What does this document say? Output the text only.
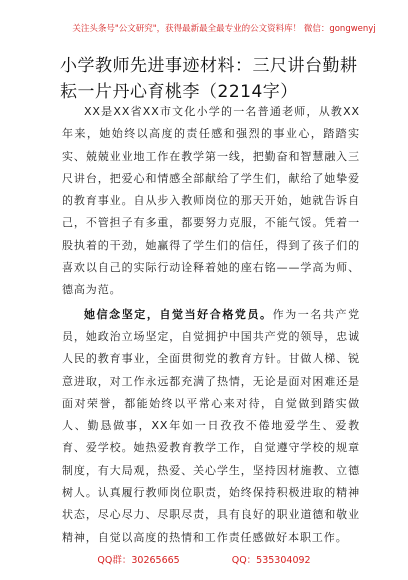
关注头条号"公文研究"，获得最新最全最专业的公文资料库！ 微信：gongwenyj
小学教师先进事迹材料：三尺讲台勤耕耘一片丹心育桃李（2214字）

XX是XX省XX市文化小学的一名普通老师，从教XX年来，她始终以高度的责任感和强烈的事业心，踏踏实实、兢兢业业地工作在教学第一线，把勤奋和智慧融入三尺讲台，把爱心和情感全部献给了学生们，献给了她挚爱的教育事业。自从步入教师岗位的那天开始，她就告诉自己，不管担子有多重，都要努力克服，不能气馁。凭着一股执着的干劲，她赢得了学生们的信任，得到了孩子们的喜欢以自己的实际行动诠释着她的座右铭——学高为师、德高为范。

她信念坚定，自觉当好合格党员。作为一名共产党员，她政治立场坚定，自觉拥护中国共产党的领导，忠诚人民的教育事业，全面贯彻党的教育方针。甘做人梯、锐意进取，对工作永远都充满了热情，无论是面对困难还是面对荣誉，都能始终以平常心来对待，自觉做到踏实做人、勤恳做事，XX年如一日孜孜不倦地爱学生、爱教育、爱学校。她热爱教育教学工作，自觉遵守学校的规章制度，有大局观，热爱、关心学生，坚持因材施教、立德树人。认真履行教师岗位职责，始终保持积极进取的精神状态，尽心尽力、尽职尽责，具有良好的职业道德和敬业精神，自觉以高度的热情和工作责任感做好本职工作。

QQ群：30265665	QQ：535304092
